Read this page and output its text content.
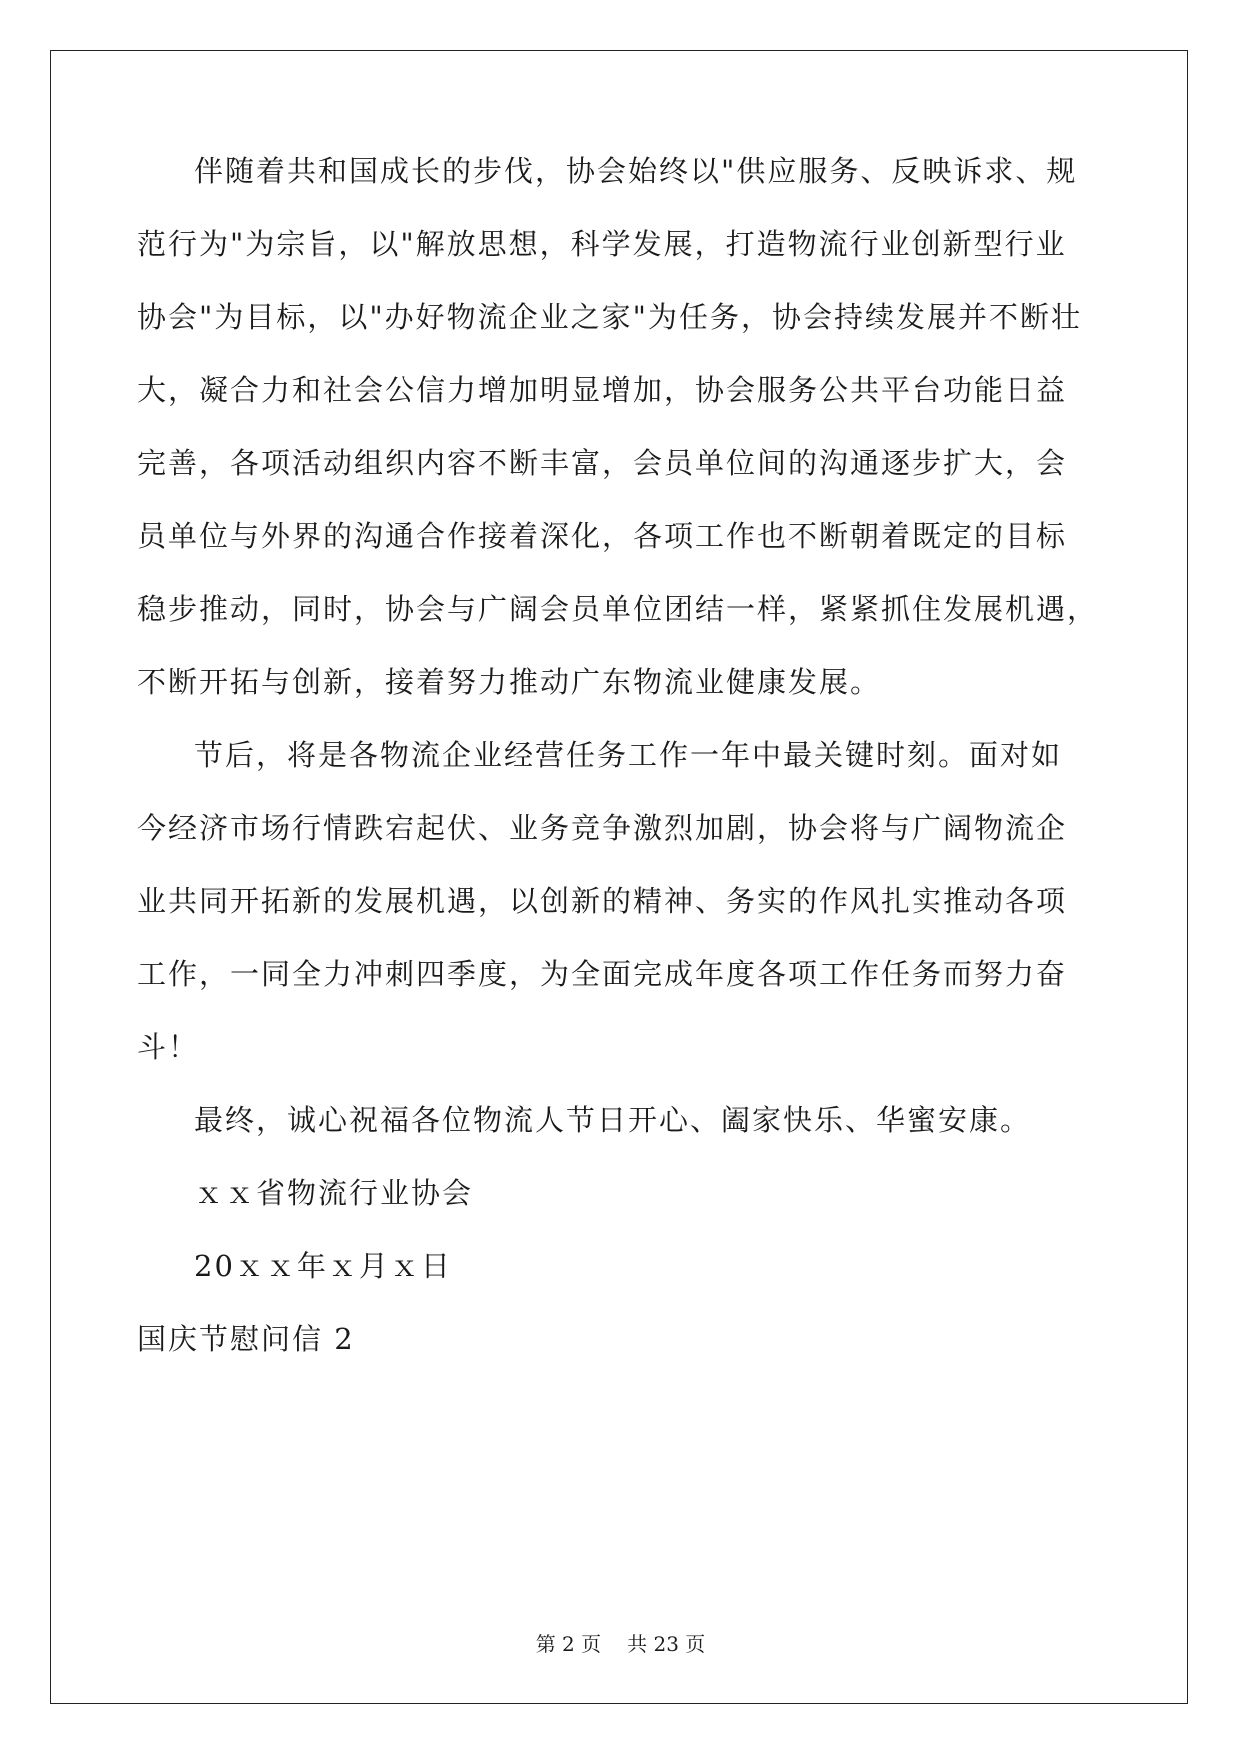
伴随着共和国成长的步伐，协会始终以"供应服务、反映诉求、规
范行为"为宗旨，以"解放思想，科学发展，打造物流行业创新型行业
协会"为目标，以"办好物流企业之家"为任务，协会持续发展并不断壮
大，凝合力和社会公信力增加明显增加，协会服务公共平台功能日益
完善，各项活动组织内容不断丰富，会员单位间的沟通逐步扩大，会
员单位与外界的沟通合作接着深化，各项工作也不断朝着既定的目标
稳步推动，同时，协会与广阔会员单位团结一样，紧紧抓住发展机遇，
不断开拓与创新，接着努力推动广东物流业健康发展。
节后，将是各物流企业经营任务工作一年中最关键时刻。面对如
今经济市场行情跌宕起伏、业务竞争激烈加剧，协会将与广阔物流企
业共同开拓新的发展机遇，以创新的精神、务实的作风扎实推动各项
工作，一同全力冲刺四季度，为全面完成年度各项工作任务而努力奋
斗！
最终，诚心祝福各位物流人节日开心、阖家快乐、华蜜安康。
ｘｘ省物流行业协会
20ｘｘ年ｘ月ｘ日
国庆节慰问信 2
第 2 页 共 23 页
